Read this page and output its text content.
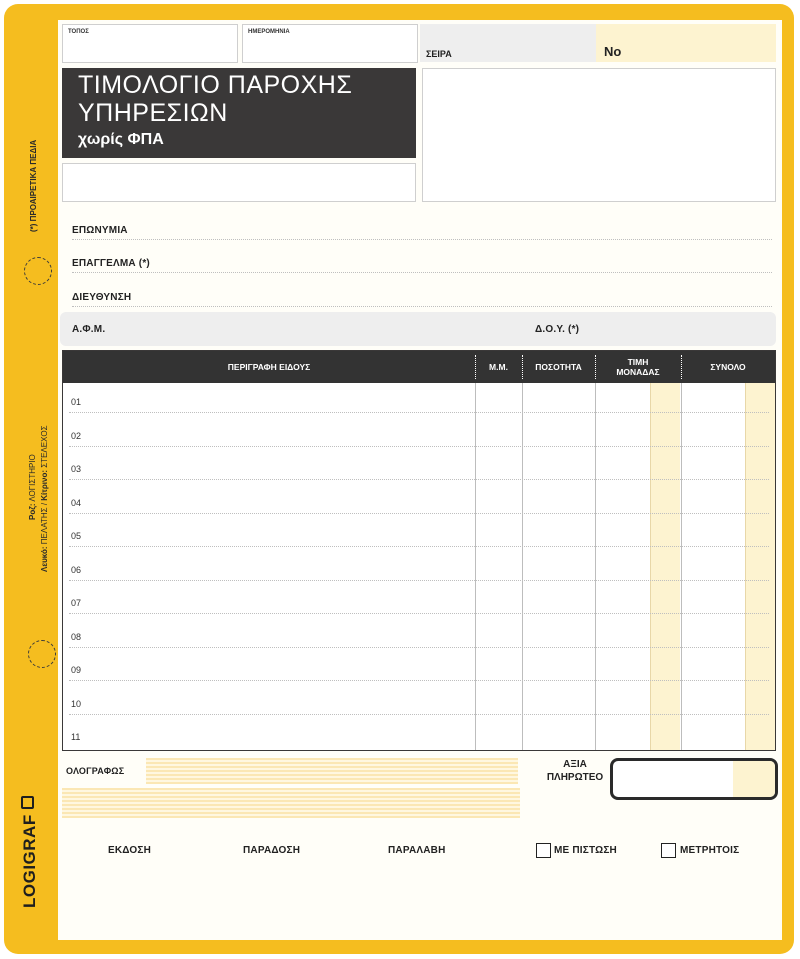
(*) ΠΡΟΑΙΡΕΤΙΚΑ ΠΕΔΙΑ
Ροζ: ΛΟΓΙΣΤΗΡΙΟ
Λευκό: ΠΕΛΑΤΗΣ / Κίτρινο: ΣΤΕΛΕΧΟΣ
LOGIGRAF
ΤΟΠΟΣ	ΗΜΕΡΟΜΗΝΙΑ
ΣΕΙΡΑ	Νο
ΤΙΜΟΛΟΓΙΟ ΠΑΡΟΧΗΣ
ΥΠΗΡΕΣΙΩΝ
χωρίς ΦΠΑ
ΕΠΩΝΥΜΙΑ
ΕΠΑΓΓΕΛΜΑ (*)
ΔΙΕΥΘΥΝΣΗ
Α.Φ.Μ.	Δ.Ο.Υ. (*)
ΠΕΡΙΓΡΑΦΗ ΕΙΔΟΥΣ	Μ.Μ.	ΠΟΣΟΤΗΤΑ	ΤΙΜΗ ΜΟΝΑΔΑΣ	ΣΥΝΟΛΟ
01
02
03
04
05
06
07
08
09
10
11
ΟΛΟΓΡΑΦΩΣ
ΑΞΙΑ
ΠΛΗΡΩΤΕΟ
ΕΚΔΟΣΗ	ΠΑΡΑΔΟΣΗ	ΠΑΡΑΛΑΒΗ	ΜΕ ΠΙΣΤΩΣΗ	ΜΕΤΡΗΤΟΙΣ
